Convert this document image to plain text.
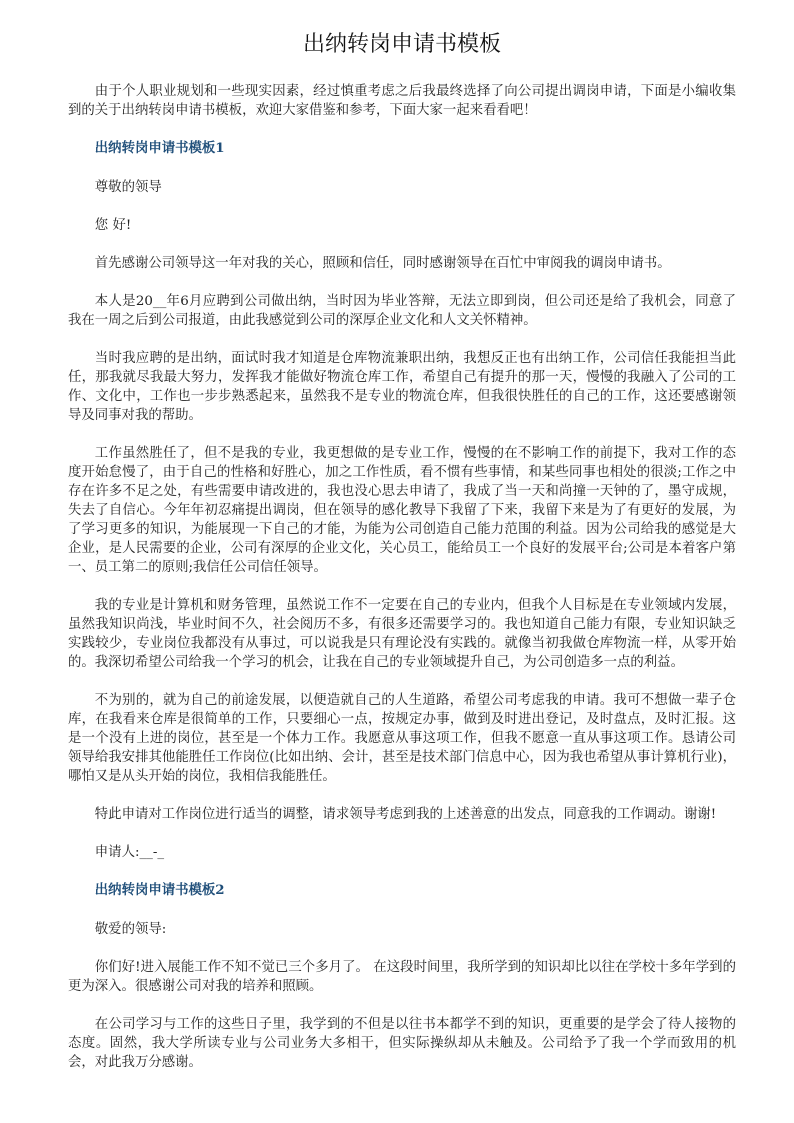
出纳转岗申请书模板

由于个人职业规划和一些现实因素，经过慎重考虑之后我最终选择了向公司提出调岗申请，下面是小编收集到的关于出纳转岗申请书模板，欢迎大家借鉴和参考，下面大家一起来看看吧！

出纳转岗申请书模板1

尊敬的领导

您 好!

首先感谢公司领导这一年对我的关心，照顾和信任，同时感谢领导在百忙中审阅我的调岗申请书。

本人是20__年6月应聘到公司做出纳，当时因为毕业答辩，无法立即到岗，但公司还是给了我机会，同意了我在一周之后到公司报道，由此我感觉到公司的深厚企业文化和人文关怀精神。

当时我应聘的是出纳，面试时我才知道是仓库物流兼职出纳，我想反正也有出纳工作，公司信任我能担当此任，那我就尽我最大努力，发挥我才能做好物流仓库工作，希望自己有提升的那一天，慢慢的我融入了公司的工作、文化中，工作也一步步熟悉起来，虽然我不是专业的物流仓库，但我很快胜任的自己的工作，这还要感谢领导及同事对我的帮助。

工作虽然胜任了，但不是我的专业，我更想做的是专业工作，慢慢的在不影响工作的前提下，我对工作的态度开始怠慢了，由于自己的性格和好胜心，加之工作性质，看不惯有些事情，和某些同事也相处的很淡;工作之中存在许多不足之处，有些需要申请改进的，我也没心思去申请了，我成了当一天和尚撞一天钟的了，墨守成规，失去了自信心。今年年初忍痛提出调岗，但在领导的感化教导下我留了下来，我留下来是为了有更好的发展，为了学习更多的知识，为能展现一下自己的才能，为能为公司创造自己能力范围的利益。因为公司给我的感觉是大企业，是人民需要的企业，公司有深厚的企业文化，关心员工，能给员工一个良好的发展平台;公司是本着客户第一、员工第二的原则;我信任公司信任领导。

我的专业是计算机和财务管理，虽然说工作不一定要在自己的专业内，但我个人目标是在专业领域内发展，虽然我知识尚浅，毕业时间不久，社会阅历不多，有很多还需要学习的。我也知道自己能力有限，专业知识缺乏实践较少，专业岗位我都没有从事过，可以说我是只有理论没有实践的。就像当初我做仓库物流一样，从零开始的。我深切希望公司给我一个学习的机会，让我在自己的专业领域提升自己，为公司创造多一点的利益。

不为别的，就为自己的前途发展，以便造就自己的人生道路，希望公司考虑我的申请。我可不想做一辈子仓库，在我看来仓库是很简单的工作，只要细心一点，按规定办事，做到及时进出登记，及时盘点，及时汇报。这是一个没有上进的岗位，甚至是一个体力工作。我愿意从事这项工作，但我不愿意一直从事这项工作。恳请公司领导给我安排其他能胜任工作岗位(比如出纳、会计，甚至是技术部门信息中心，因为我也希望从事计算机行业)，哪怕又是从头开始的岗位，我相信我能胜任。

特此申请对工作岗位进行适当的调整，请求领导考虑到我的上述善意的出发点，同意我的工作调动。谢谢!

申请人:__-_

出纳转岗申请书模板2

敬爱的领导:

你们好!进入展能工作不知不觉已三个多月了。 在这段时间里，我所学到的知识却比以往在学校十多年学到的更为深入。很感谢公司对我的培养和照顾。

在公司学习与工作的这些日子里，我学到的不但是以往书本都学不到的知识，更重要的是学会了待人接物的态度。固然，我大学所读专业与公司业务大多相干，但实际操纵却从未触及。公司给予了我一个学而致用的机会，对此我万分感谢。
